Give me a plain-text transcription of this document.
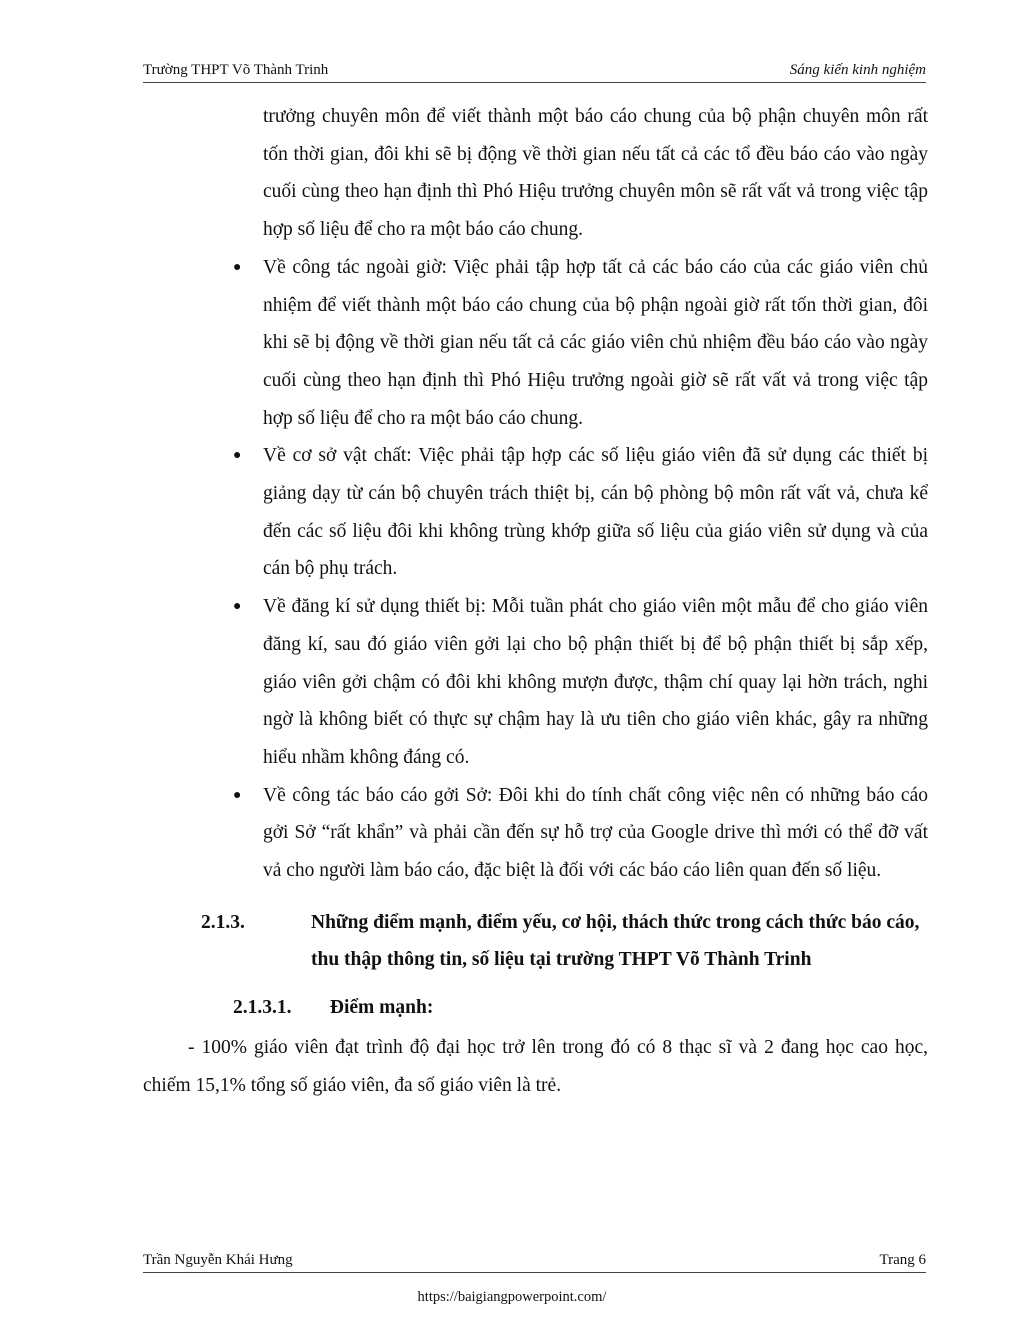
Trường THPT Võ Thành Trinh	Sáng kiến kinh nghiệm
trưởng chuyên môn để viết thành một báo cáo chung của bộ phận chuyên môn rất tốn thời gian, đôi khi sẽ bị động về thời gian nếu tất cả các tổ đều báo cáo vào ngày cuối cùng theo hạn định thì Phó Hiệu trưởng chuyên môn sẽ rất vất vả trong việc tập hợp số liệu để cho ra một báo cáo chung.
● Về công tác ngoài giờ: Việc phải tập hợp tất cả các báo cáo của các giáo viên chủ nhiệm để viết thành một báo cáo chung của bộ phận ngoài giờ rất tốn thời gian, đôi khi sẽ bị động về thời gian nếu tất cả các giáo viên chủ nhiệm đều báo cáo vào ngày cuối cùng theo hạn định thì Phó Hiệu trưởng ngoài giờ sẽ rất vất vả trong việc tập hợp số liệu để cho ra một báo cáo chung.
● Về cơ sở vật chất: Việc phải tập hợp các số liệu giáo viên đã sử dụng các thiết bị giảng dạy từ cán bộ chuyên trách thiệt bị, cán bộ phòng bộ môn rất vất vả, chưa kể đến các số liệu đôi khi không trùng khớp giữa số liệu của giáo viên sử dụng và của cán bộ phụ trách.
● Về đăng kí sử dụng thiết bị: Mỗi tuần phát cho giáo viên một mẫu để cho giáo viên đăng kí, sau đó giáo viên gởi lại cho bộ phận thiết bị để bộ phận thiết bị sắp xếp, giáo viên gởi chậm có đôi khi không mượn được, thậm chí quay lại hờn trách, nghi ngờ là không biết có thực sự chậm hay là ưu tiên cho giáo viên khác, gây ra những hiểu nhầm không đáng có.
● Về công tác báo cáo gởi Sở: Đôi khi do tính chất công việc nên có những báo cáo gởi Sở “rất khẩn” và phải cần đến sự hỗ trợ của Google drive thì mới có thể đỡ vất vả cho người làm báo cáo, đặc biệt là đối với các báo cáo liên quan đến số liệu.
2.1.3.	Những điểm mạnh, điểm yếu, cơ hội, thách thức trong cách thức báo cáo, thu thập thông tin, số liệu tại trường THPT Võ Thành Trinh
2.1.3.1. Điểm mạnh:
- 100% giáo viên đạt trình độ đại học trở lên trong đó có 8 thạc sĩ và 2 đang học cao học, chiếm 15,1% tổng số giáo viên, đa số giáo viên là trẻ.
Trần Nguyễn Khái Hưng	Trang 6
https://baigiangpowerpoint.com/
